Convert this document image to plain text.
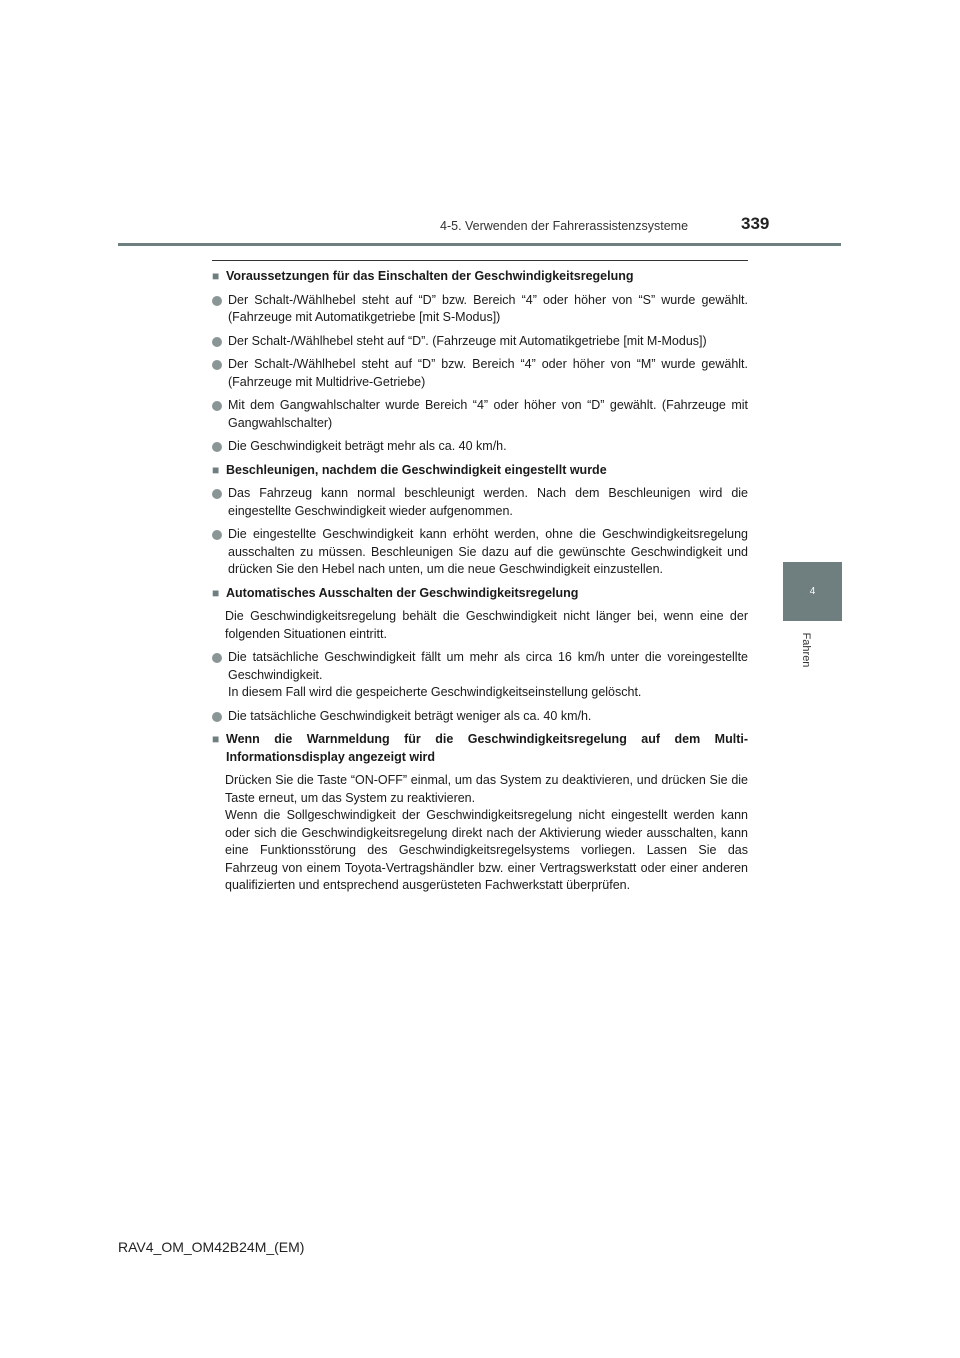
4-5. Verwenden der Fahrerassistenzsysteme	339
4
Fahren
■
Voraussetzungen für das Einschalten der Geschwindigkeitsregelung
Der Schalt-/Wählhebel steht auf “D” bzw. Bereich “4” oder höher von “S” wurde gewählt. (Fahrzeuge mit Automatikgetriebe [mit S-Modus])
Der Schalt-/Wählhebel steht auf “D”. (Fahrzeuge mit Automatikgetriebe [mit M-Modus])
Der Schalt-/Wählhebel steht auf “D” bzw. Bereich “4” oder höher von “M” wurde gewählt. (Fahrzeuge mit Multidrive-Getriebe)
Mit dem Gangwahlschalter wurde Bereich “4” oder höher von “D” gewählt. (Fahrzeuge mit Gangwahlschalter)
Die Geschwindigkeit beträgt mehr als ca. 40 km/h.
■
Beschleunigen, nachdem die Geschwindigkeit eingestellt wurde
Das Fahrzeug kann normal beschleunigt werden. Nach dem Beschleunigen wird die eingestellte Geschwindigkeit wieder aufgenommen.
Die eingestellte Geschwindigkeit kann erhöht werden, ohne die Geschwindigkeitsregelung ausschalten zu müssen. Beschleunigen Sie dazu auf die gewünschte Geschwindigkeit und drücken Sie den Hebel nach unten, um die neue Geschwindigkeit einzustellen.
■
Automatisches Ausschalten der Geschwindigkeitsregelung
Die Geschwindigkeitsregelung behält die Geschwindigkeit nicht länger bei, wenn eine der folgenden Situationen eintritt.
Die tatsächliche Geschwindigkeit fällt um mehr als circa 16 km/h unter die voreingestellte Geschwindigkeit.
In diesem Fall wird die gespeicherte Geschwindigkeitseinstellung gelöscht.
Die tatsächliche Geschwindigkeit beträgt weniger als ca. 40 km/h.
■
Wenn die Warnmeldung für die Geschwindigkeitsregelung auf dem Multi-Informationsdisplay angezeigt wird
Drücken Sie die Taste “ON-OFF” einmal, um das System zu deaktivieren, und drücken Sie die Taste erneut, um das System zu reaktivieren.
Wenn die Sollgeschwindigkeit der Geschwindigkeitsregelung nicht eingestellt werden kann oder sich die Geschwindigkeitsregelung direkt nach der Aktivierung wieder ausschalten, kann eine Funktionsstörung des Geschwindigkeitsregelsystems vorliegen. Lassen Sie das Fahrzeug von einem Toyota-Vertragshändler bzw. einer Vertragswerkstatt oder einer anderen qualifizierten und entsprechend ausgerüsteten Fachwerkstatt überprüfen.
RAV4_OM_OM42B24M_(EM)
